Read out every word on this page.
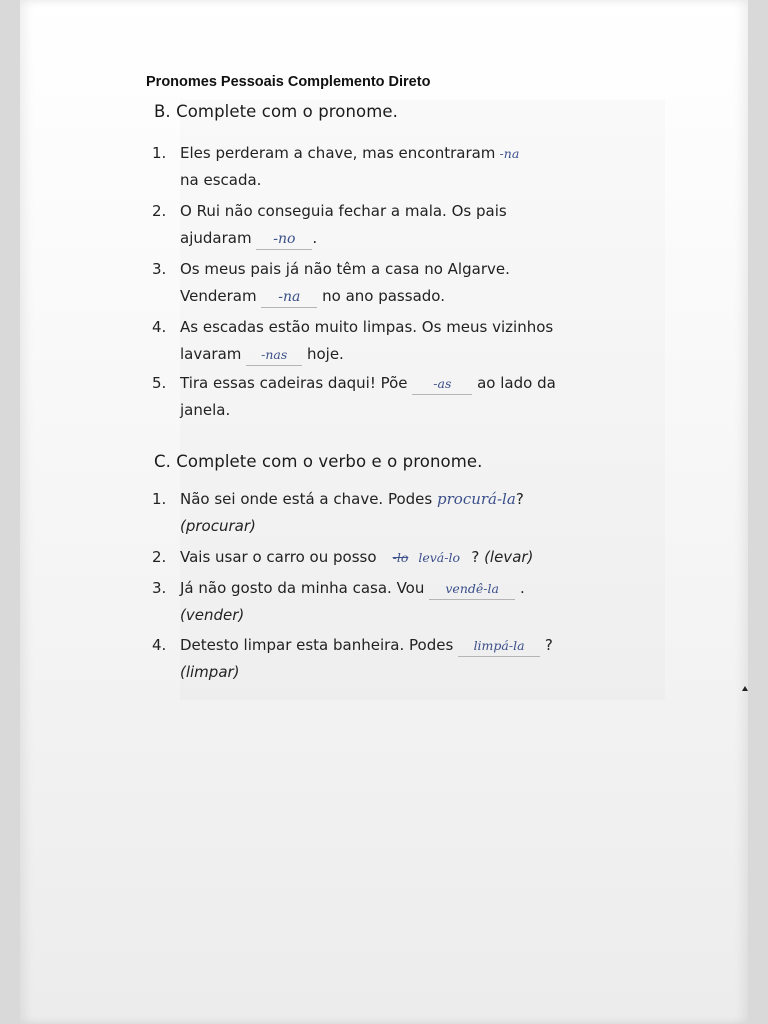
Pronomes Pessoais Complemento Direto
B. Complete com o pronome.
1. Eles perderam a chave, mas encontraram -na
na escada.
2. O Rui não conseguia fechar a mala. Os pais
ajudaram -no .
3. Os meus pais já não têm a casa no Algarve.
Venderam -na no ano passado.
4. As escadas estão muito limpas. Os meus vizinhos
lavaram -nas hoje.
5. Tira essas cadeiras daqui! Põe -as ao lado da
janela.
C. Complete com o verbo e o pronome.
1. Não sei onde está a chave. Podes procurá-la?
(procurar)
2. Vais usar o carro ou posso -lo levá-lo ? (levar)
3. Já não gosto da minha casa. Vou vendê-la .
(vender)
4. Detesto limpar esta banheira. Podes limpá-la ?
(limpar)
